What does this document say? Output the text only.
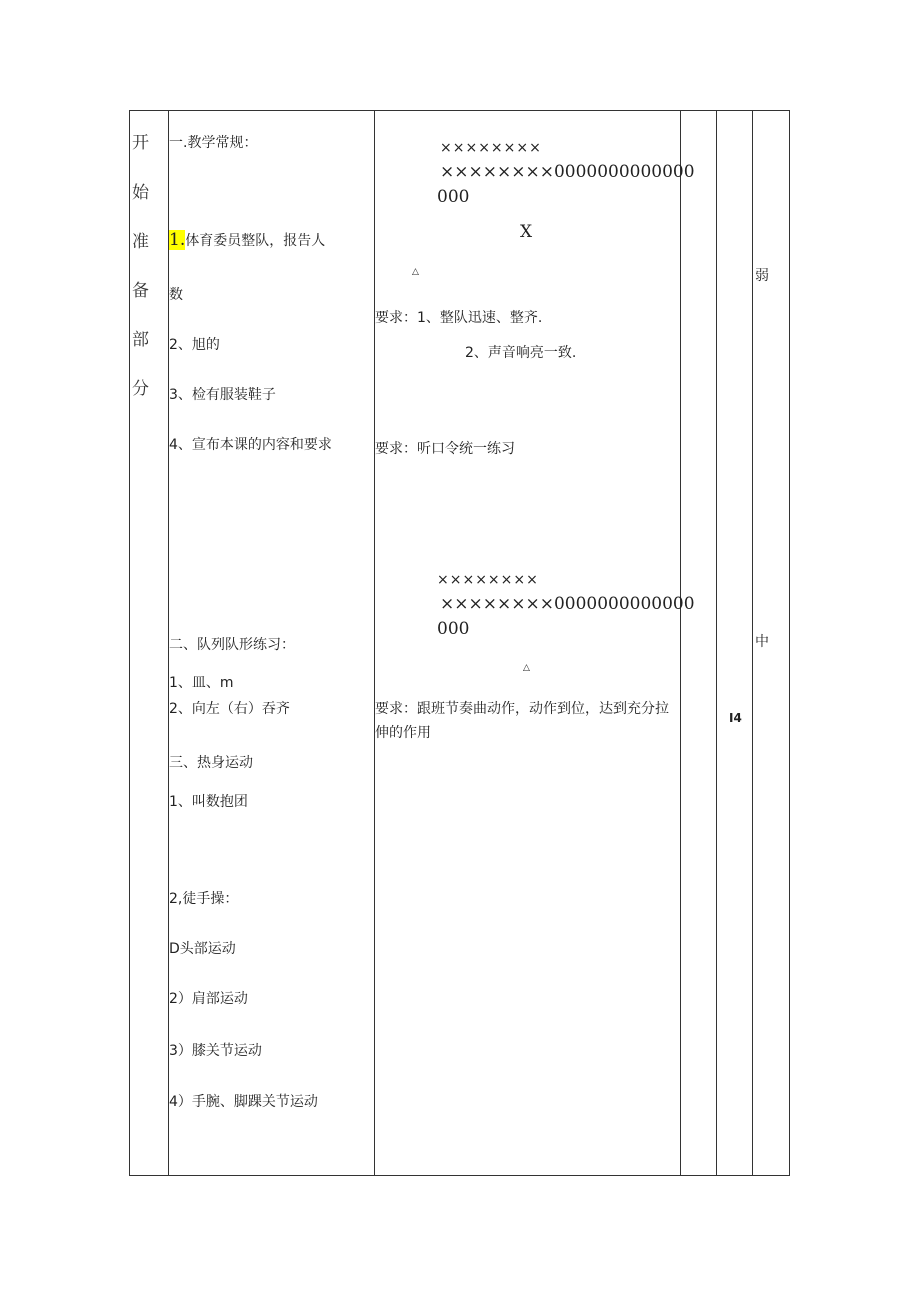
开
始
准
备
部
分
一.教学常规：
1.体育委员整队，报告人
数
2、旭的
3、检有服装鞋子
4、宣布本课的内容和要求
二、队列队形练习：
1、皿、m
2、向左（右）吞齐
三、热身运动
1、叫数抱团
2,徒手操：
D头部运动
2）肩部运动
3）膝关节运动
4）手腕、脚踝关节运动
××××××××
××××××××0000000000000
000
X
△
要求：1、整队迅速、整齐.
2、声音响亮一致.
要求：听口令统一练习
××××××××
××××××××0000000000000
000
△
要求：跟班节奏曲动作，动作到位，达到充分拉伸的作用
I4
弱
中
